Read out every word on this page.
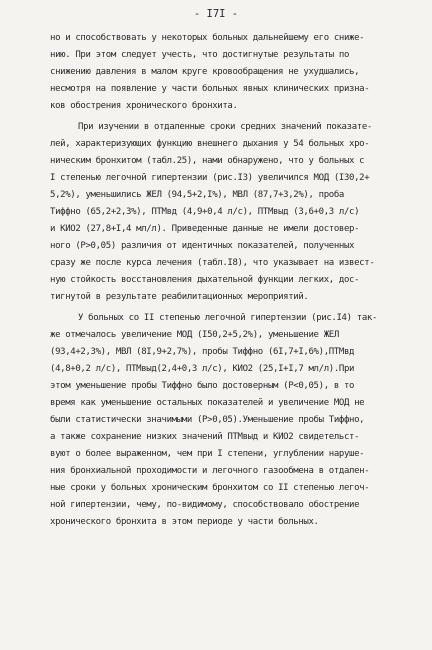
- I7I -
но и способствовать у некоторых больных дальнейшему его сниже-
нию. При этом следует учесть, что достигнутые результаты по
снижению давления в малом круге кровообращения не ухудшались,
несмотря на появление у части больных явных клинических призна-
ков обострения хронического бронхита.
При изучении в отдаленные сроки средних значений показате-
лей, характеризующих функцию внешнего дыхания у 54 больных хро-
ническим бронхитом (табл.25), нами обнаружено, что у больных с
I степенью легочной гипертензии (рис.I3) увеличился МОД (I30,2+
5,2%), уменьшились ЖЕЛ (94,5+2,I%), МВЛ (87,7+3,2%), проба
Тиффно (65,2+2,3%), ПТМвд (4,9+0,4 л/с), ПТМвыд (3,6+0,3 л/с)
и КИО2 (27,8+I,4 мл/л). Приведенные данные не имели достовер-
ного (P>0,05) различия от идентичных показателей, полученных
сразу же после курса лечения (табл.I8), что указывает на извест-
ную стойкость восстановления дыхательной функции легких, дос-
тигнутой в результате реабилитационных мероприятий.
У больных со II степенью легочной гипертензии (рис.I4) так-
же отмечалось увеличение МОД (I50,2+5,2%), уменьшение ЖЕЛ
(93,4+2,3%), МВЛ (8I,9+2,7%), пробы Тиффно (6I,7+I,6%),ПТМвд
(4,8+0,2 л/с), ПТМвыд(2,4+0,3 л/с), КИО2 (25,I+I,7 мл/л).При
этом уменьшение пробы Тиффно было достоверным (P<0,05), в то
время как уменьшение остальных показателей и увеличение МОД не
были статистически значимыми (P>0,05).Уменьшение пробы Тиффно,
а также сохранение низких значений ПТМвыд и КИО2 свидетельст-
вуют о более выраженном, чем при I степени, углублении наруше-
ния бронхиальной проходимости и легочного газообмена в отдален-
ные сроки у больных хроническим бронхитом со II степенью легоч-
ной гипертензии, чему, по-видимому, способствовало обострение
хронического бронхита в этом периоде у части больных.
